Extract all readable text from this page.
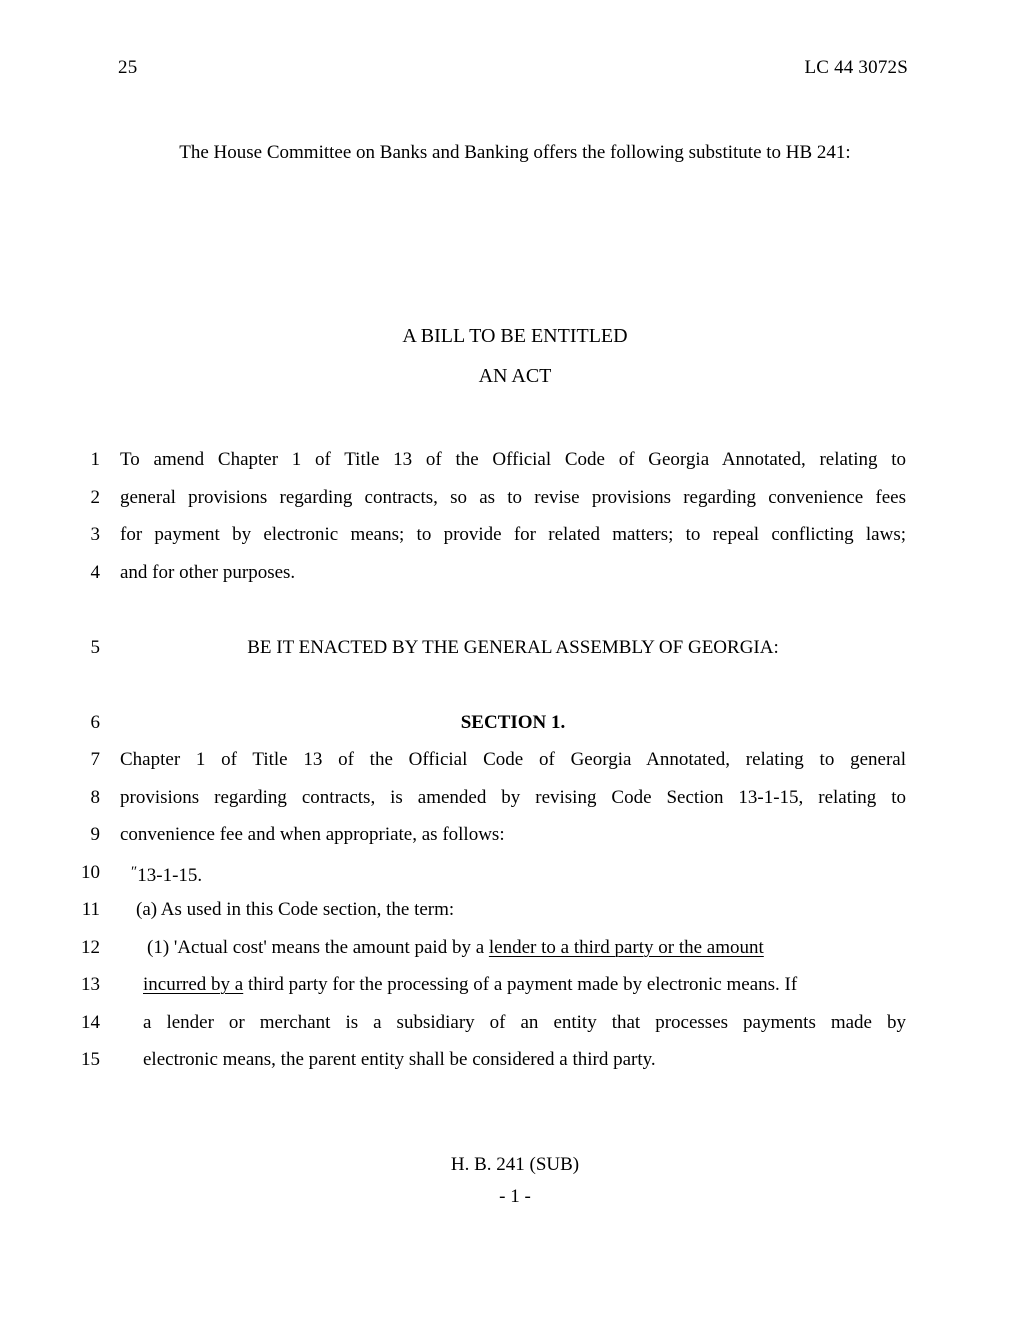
25	LC 44 3072S
The House Committee on Banks and Banking offers the following substitute to HB 241:
A BILL TO BE ENTITLED
AN ACT
1 To amend Chapter 1 of Title 13 of the Official Code of Georgia Annotated, relating to
2 general provisions regarding contracts, so as to revise provisions regarding convenience fees
3 for payment by electronic means; to provide for related matters; to repeal conflicting laws;
4 and for other purposes.
5	BE IT ENACTED BY THE GENERAL ASSEMBLY OF GEORGIA:
6	SECTION 1.
7 Chapter 1 of Title 13 of the Official Code of Georgia Annotated, relating to general
8 provisions regarding contracts, is amended by revising Code Section 13-1-15, relating to
9 convenience fee and when appropriate, as follows:
10 ″13-1-15.
11 (a) As used in this Code section, the term:
12 (1) 'Actual cost' means the amount paid by a lender to a third party or the amount
13 incurred by a third party for the processing of a payment made by electronic means. If
14 a lender or merchant is a subsidiary of an entity that processes payments made by
15 electronic means, the parent entity shall be considered a third party.
H. B. 241 (SUB)
- 1 -
